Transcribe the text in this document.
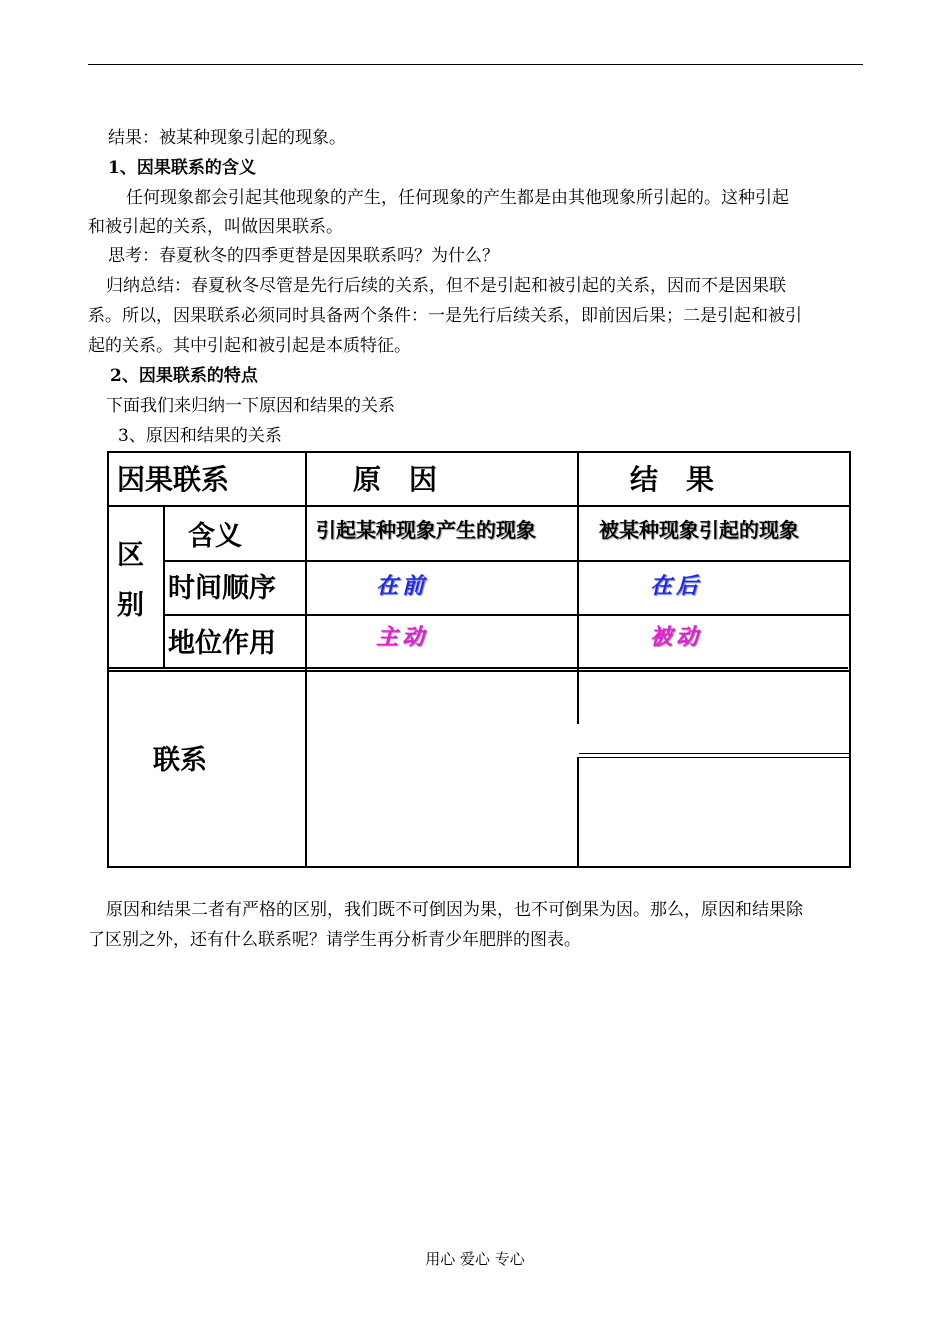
结果：被某种现象引起的现象。
1、因果联系的含义
任何现象都会引起其他现象的产生，任何现象的产生都是由其他现象所引起的。这种引起
和被引起的关系，叫做因果联系。
思考：春夏秋冬的四季更替是因果联系吗？为什么？
归纳总结：春夏秋冬尽管是先行后续的关系，但不是引起和被引起的关系，因而不是因果联
系。所以，因果联系必须同时具备两个条件：一是先行后续关系，即前因后果；二是引起和被引
起的关系。其中引起和被引起是本质特征。
2、因果联系的特点
下面我们来归纳一下原因和结果的关系
3、原因和结果的关系
因果联系	原　因	结　果
区
别
含义	引起某种现象产生的现象	被某种现象引起的现象
时间顺序	在前	在后
地位作用	主动	被动
联系
原因和结果二者有严格的区别，我们既不可倒因为果，也不可倒果为因。那么，原因和结果除
了区别之外，还有什么联系呢？请学生再分析青少年肥胖的图表。
用心 爱心 专心
